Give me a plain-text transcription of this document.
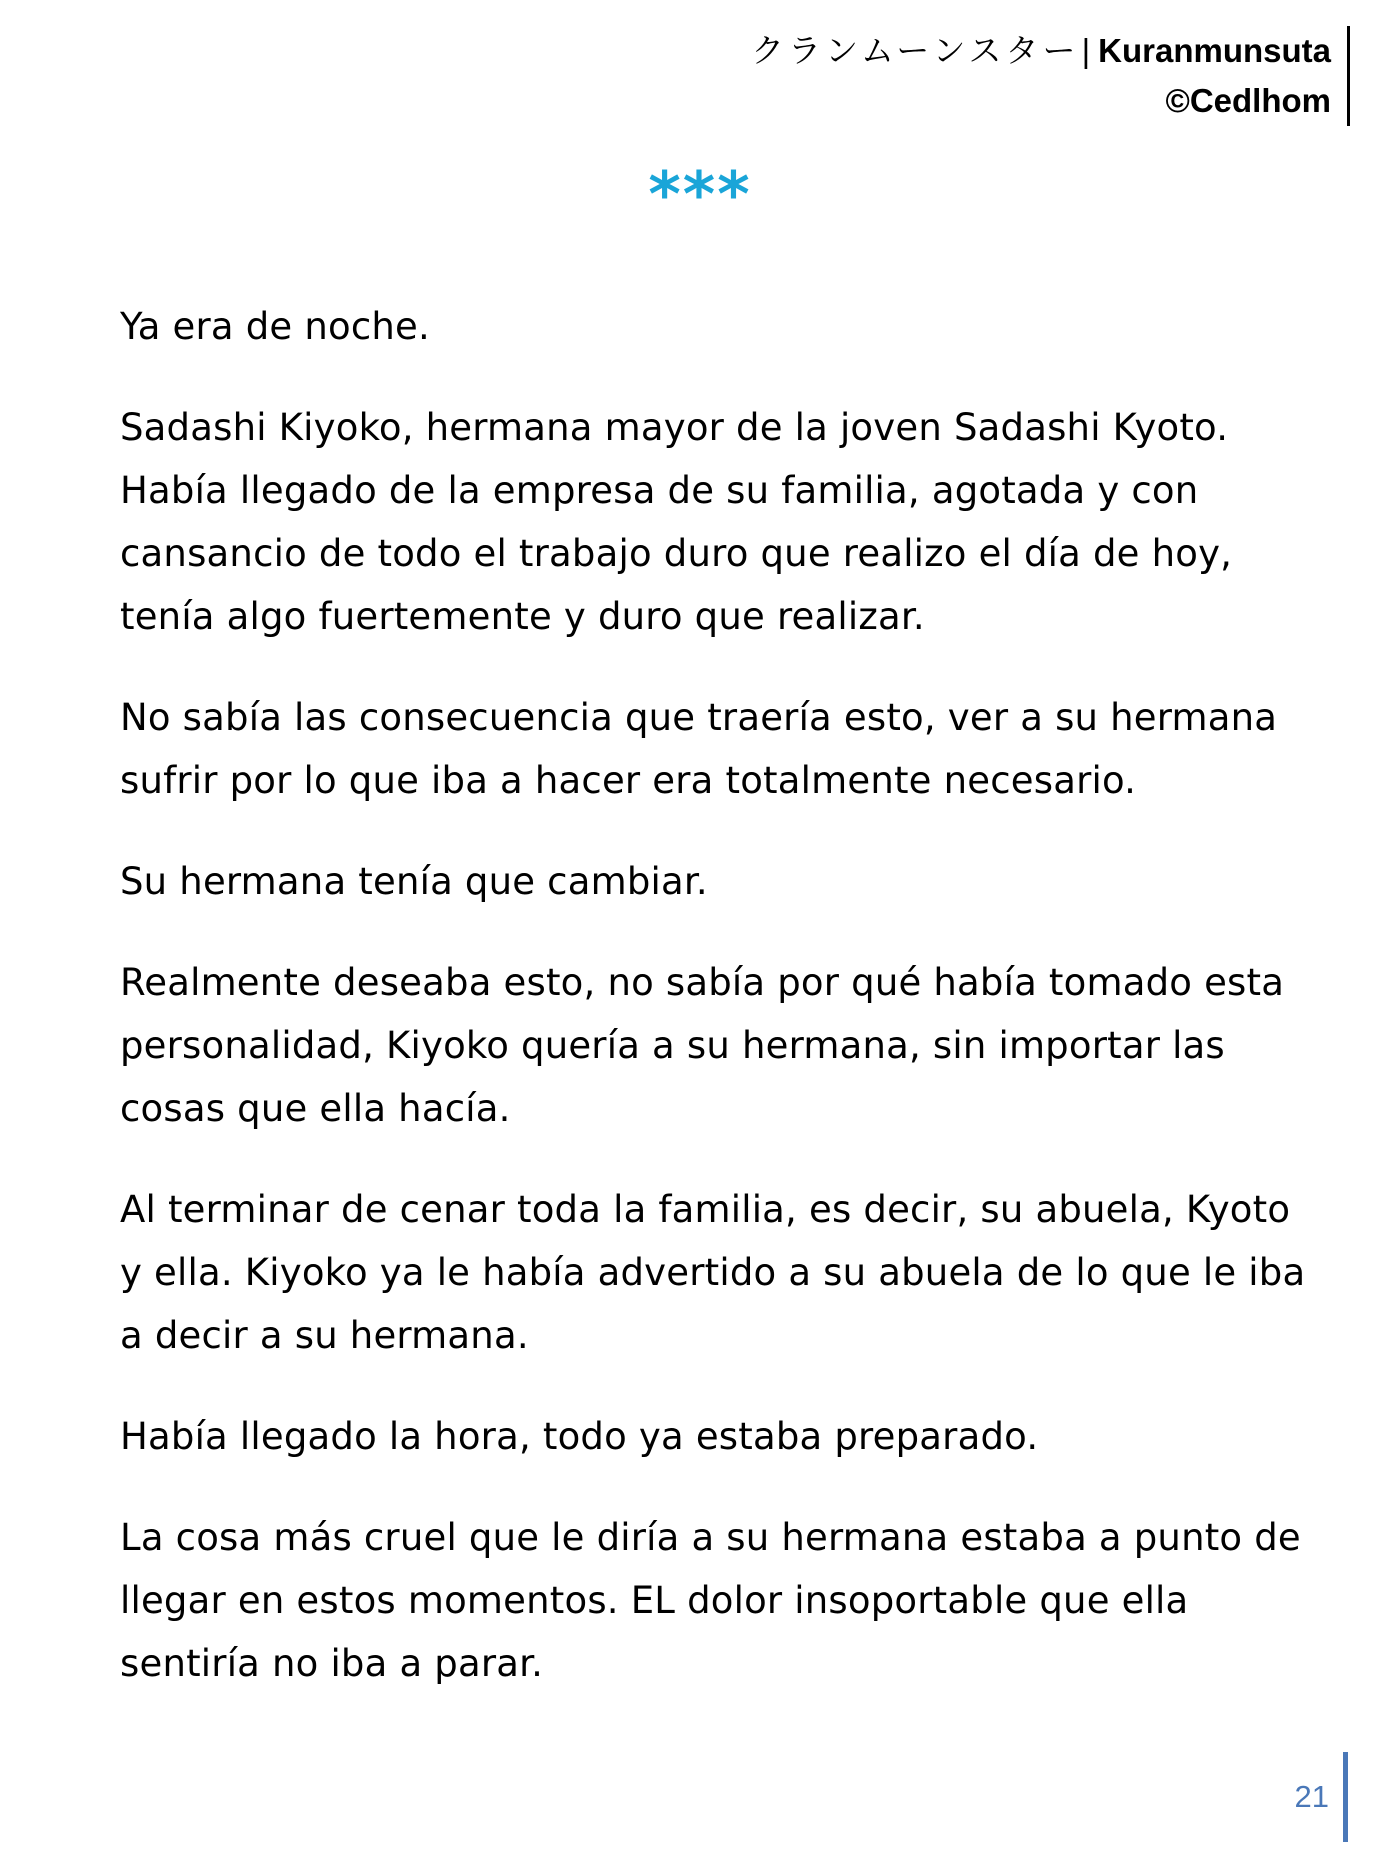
クランムーンスター| Kuranmunsuta
©Cedlhom
***

Ya era de noche.

Sadashi Kiyoko, hermana mayor de la joven Sadashi Kyoto. Había llegado de la empresa de su familia, agotada y con cansancio de todo el trabajo duro que realizo el día de hoy, tenía algo fuertemente y duro que realizar.

No sabía las consecuencia que traería esto, ver a su hermana sufrir por lo que iba a hacer era totalmente necesario.

Su hermana tenía que cambiar.

Realmente deseaba esto, no sabía por qué había tomado esta personalidad, Kiyoko quería a su hermana, sin importar las cosas que ella hacía.

Al terminar de cenar toda la familia, es decir, su abuela, Kyoto y ella. Kiyoko ya le había advertido a su abuela de lo que le iba a decir a su hermana.

Había llegado la hora, todo ya estaba preparado.

La cosa más cruel que le diría a su hermana estaba a punto de llegar en estos momentos. EL dolor insoportable que ella sentiría no iba a parar.

21
